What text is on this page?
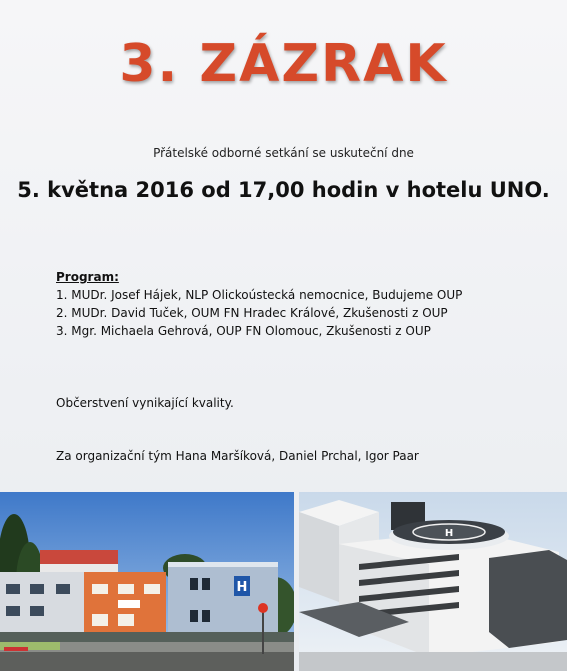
3. ZÁZRAK
Přátelské odborné setkání se uskuteční dne
5. května 2016 od 17,00 hodin v hotelu UNO.
Program:
1. MUDr. Josef Hájek, NLP Olickoústecká nemocnice, Budujeme OUP
2. MUDr. David Tuček, OUM FN Hradec Králové, Zkušenosti z OUP
3. Mgr. Michaela Gehrová, OUP FN Olomouc, Zkušenosti z OUP
Občerstvení vynikající kvality.
Za organizační tým Hana Maršíková, Daniel Prchal, Igor Paar
H
H
